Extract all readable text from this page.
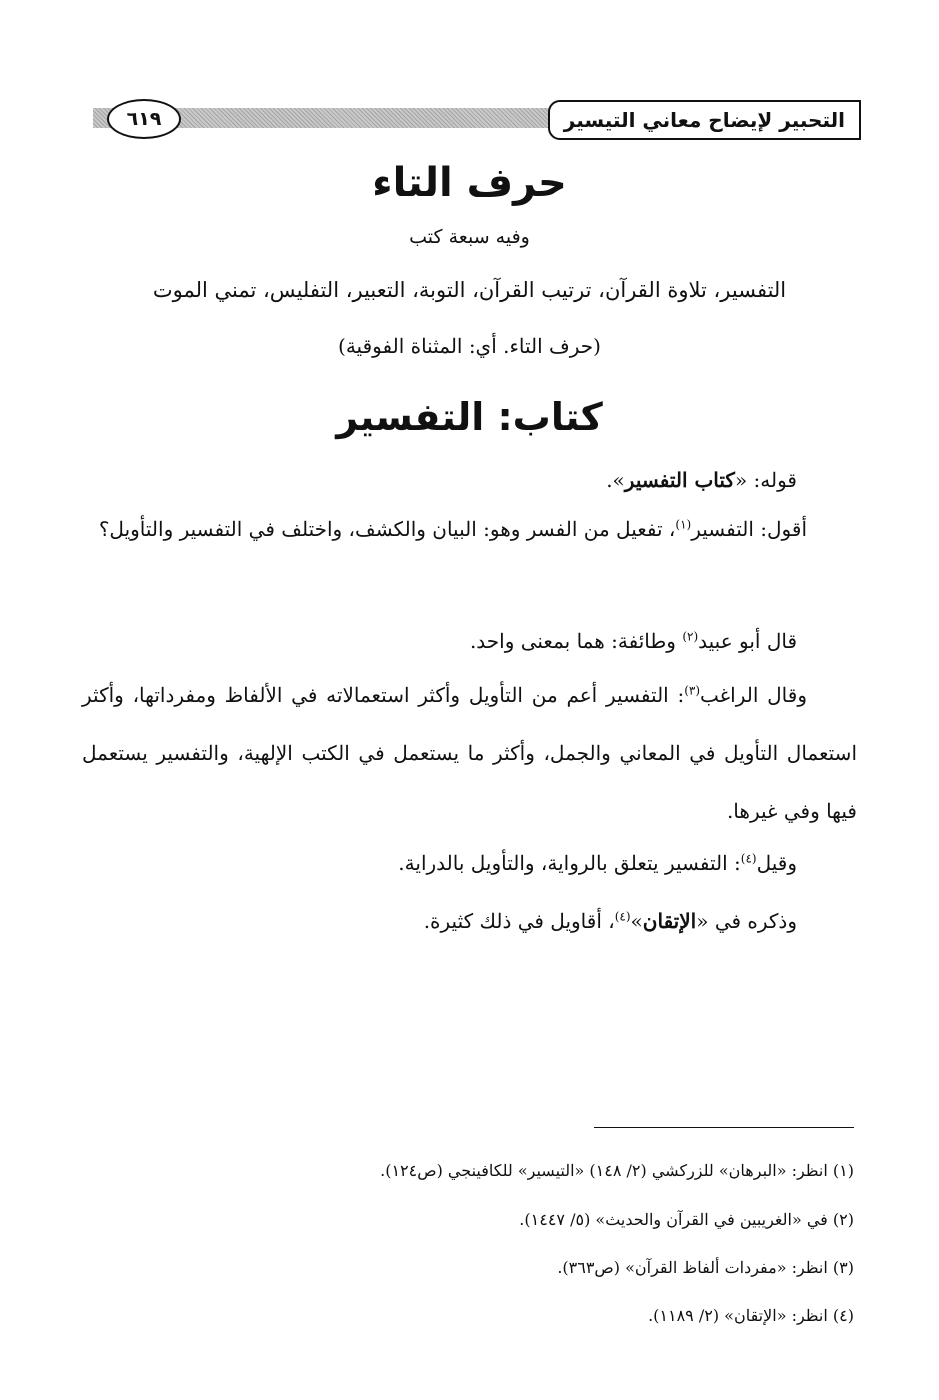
التحبير لإيضاح معاني التيسير
٦١٩
حرف التاء
وفيه سبعة كتب
التفسير، تلاوة القرآن، ترتيب القرآن، التوبة، التعبير، التفليس، تمني الموت
(حرف التاء. أي: المثناة الفوقية)
كتاب: التفسير
قوله: «كتاب التفسير».
أقول: التفسير$^{(١)}$، تفعيل من الفسر وهو: البيان والكشف، واختلف في التفسير والتأويل؟
قال أبو عبيد$^{(٢)}$ وطائفة: هما بمعنى واحد.
وقال الراغب$^{(٣)}$: التفسير أعم من التأويل وأكثر استعمالاته في الألفاظ ومفرداتها، وأكثر استعمال التأويل في المعاني والجمل، وأكثر ما يستعمل في الكتب الإلهية، والتفسير يستعمل فيها وفي غيرها.
وقيل$^{(٤)}$: التفسير يتعلق بالرواية، والتأويل بالدراية.
وذكره في «الإتقان»$^{(٤)}$، أقاويل في ذلك كثيرة.
(١) انظر: «البرهان» للزركشي (٢/ ١٤٨) «التيسير» للكافينجي (ص١٢٤).
(٢) في «الغريبين في القرآن والحديث» (٥/ ١٤٤٧).
(٣) انظر: «مفردات ألفاظ القرآن» (ص٣٦٣).
(٤) انظر: «الإتقان» (٢/ ١١٨٩).
